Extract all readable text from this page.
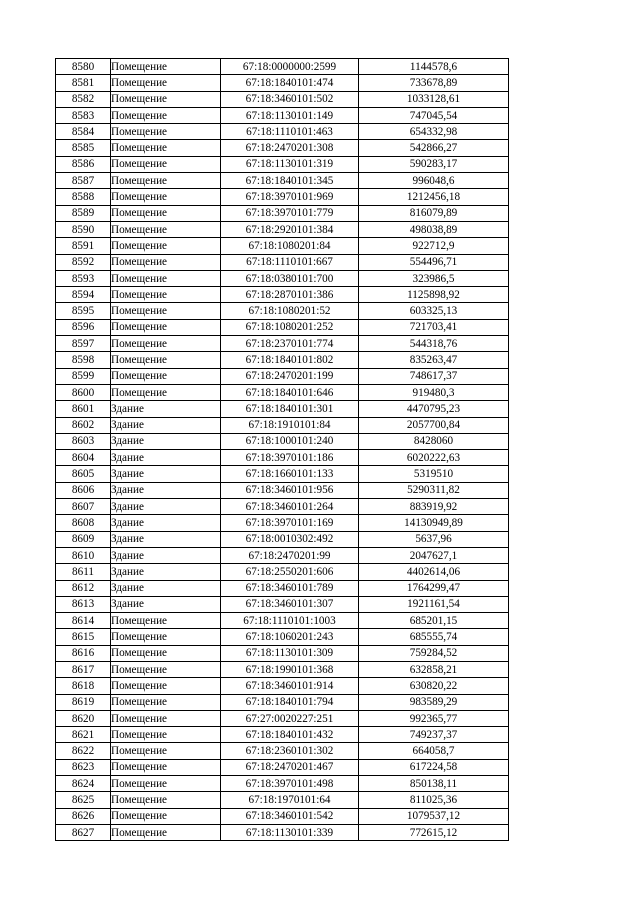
8580	Помещение	67:18:0000000:2599	1144578,6
8581	Помещение	67:18:1840101:474	733678,89
8582	Помещение	67:18:3460101:502	1033128,61
8583	Помещение	67:18:1130101:149	747045,54
8584	Помещение	67:18:1110101:463	654332,98
8585	Помещение	67:18:2470201:308	542866,27
8586	Помещение	67:18:1130101:319	590283,17
8587	Помещение	67:18:1840101:345	996048,6
8588	Помещение	67:18:3970101:969	1212456,18
8589	Помещение	67:18:3970101:779	816079,89
8590	Помещение	67:18:2920101:384	498038,89
8591	Помещение	67:18:1080201:84	922712,9
8592	Помещение	67:18:1110101:667	554496,71
8593	Помещение	67:18:0380101:700	323986,5
8594	Помещение	67:18:2870101:386	1125898,92
8595	Помещение	67:18:1080201:52	603325,13
8596	Помещение	67:18:1080201:252	721703,41
8597	Помещение	67:18:2370101:774	544318,76
8598	Помещение	67:18:1840101:802	835263,47
8599	Помещение	67:18:2470201:199	748617,37
8600	Помещение	67:18:1840101:646	919480,3
8601	Здание	67:18:1840101:301	4470795,23
8602	Здание	67:18:1910101:84	2057700,84
8603	Здание	67:18:1000101:240	8428060
8604	Здание	67:18:3970101:186	6020222,63
8605	Здание	67:18:1660101:133	5319510
8606	Здание	67:18:3460101:956	5290311,82
8607	Здание	67:18:3460101:264	883919,92
8608	Здание	67:18:3970101:169	14130949,89
8609	Здание	67:18:0010302:492	5637,96
8610	Здание	67:18:2470201:99	2047627,1
8611	Здание	67:18:2550201:606	4402614,06
8612	Здание	67:18:3460101:789	1764299,47
8613	Здание	67:18:3460101:307	1921161,54
8614	Помещение	67:18:1110101:1003	685201,15
8615	Помещение	67:18:1060201:243	685555,74
8616	Помещение	67:18:1130101:309	759284,52
8617	Помещение	67:18:1990101:368	632858,21
8618	Помещение	67:18:3460101:914	630820,22
8619	Помещение	67:18:1840101:794	983589,29
8620	Помещение	67:27:0020227:251	992365,77
8621	Помещение	67:18:1840101:432	749237,37
8622	Помещение	67:18:2360101:302	664058,7
8623	Помещение	67:18:2470201:467	617224,58
8624	Помещение	67:18:3970101:498	850138,11
8625	Помещение	67:18:1970101:64	811025,36
8626	Помещение	67:18:3460101:542	1079537,12
8627	Помещение	67:18:1130101:339	772615,12
